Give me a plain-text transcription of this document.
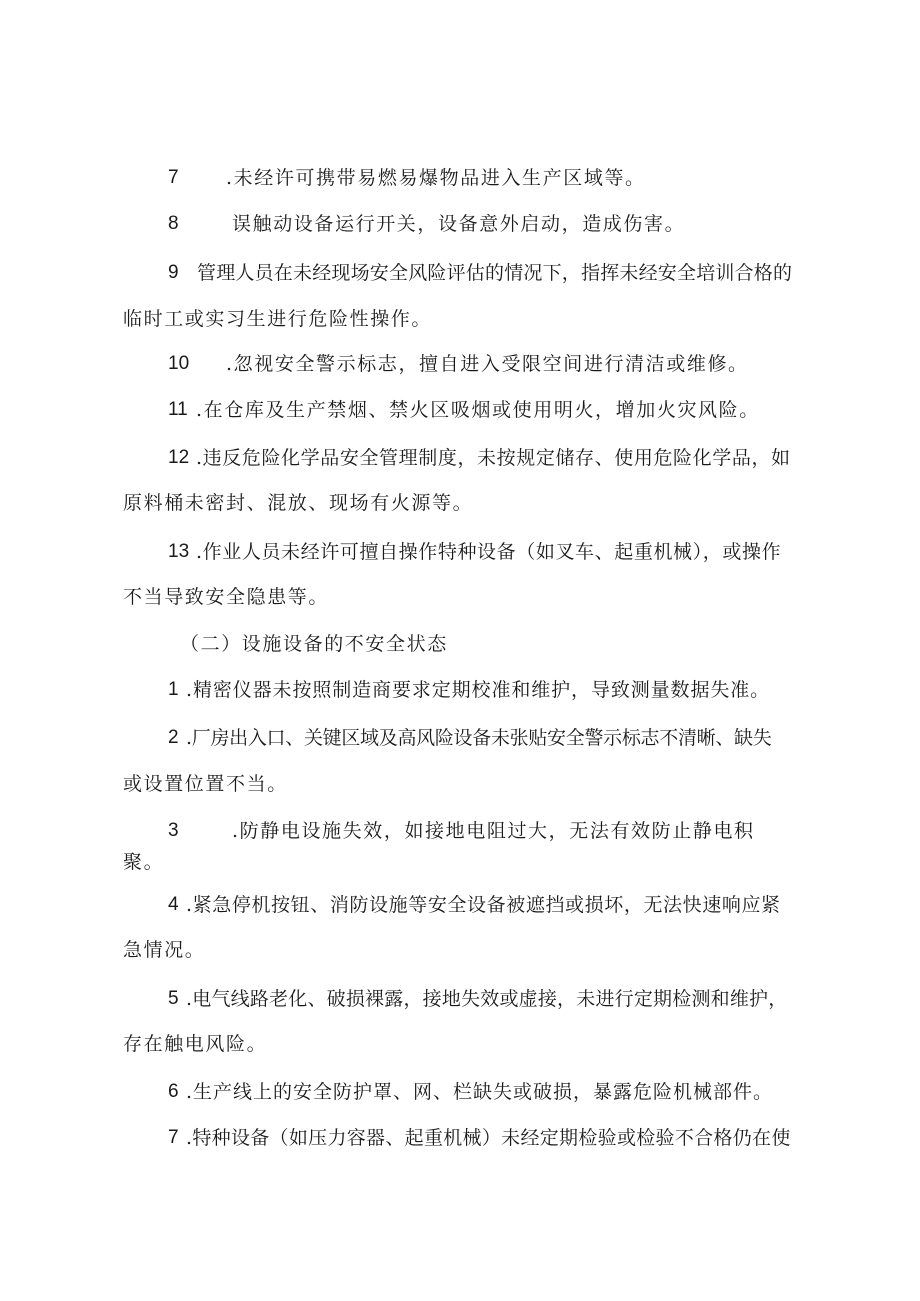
7 .未经许可携带易燃易爆物品进入生产区域等。
8	误触动设备运行开关，设备意外启动，造成伤害。
9 管理人员在未经现场安全风险评估的情况下，指挥未经安全培训合格的
临时工或实习生进行危险性操作。
10 .忽视安全警示标志，擅自进入受限空间进行清洁或维修。
11 .在仓库及生产禁烟、禁火区吸烟或使用明火，增加火灾风险。
12 .违反危险化学品安全管理制度，未按规定储存、使用危险化学品，如
原料桶未密封、混放、现场有火源等。
13 .作业人员未经许可擅自操作特种设备（如叉车、起重机械），或操作
不当导致安全隐患等。
（二）设施设备的不安全状态
1 .精密仪器未按照制造商要求定期校准和维护，导致测量数据失准。
2 .厂房出入口、关键区域及高风险设备未张贴安全警示标志不清晰、缺失
或设置位置不当。
3	.防静电设施失效，如接地电阻过大，无法有效防止静电积
聚。
4 .紧急停机按钮、消防设施等安全设备被遮挡或损坏，无法快速响应紧
急情况。
5 .电气线路老化、破损裸露，接地失效或虚接，未进行定期检测和维护，
存在触电风险。
6 .生产线上的安全防护罩、网、栏缺失或破损，暴露危险机械部件。
7 .特种设备（如压力容器、起重机械）未经定期检验或检验不合格仍在使
